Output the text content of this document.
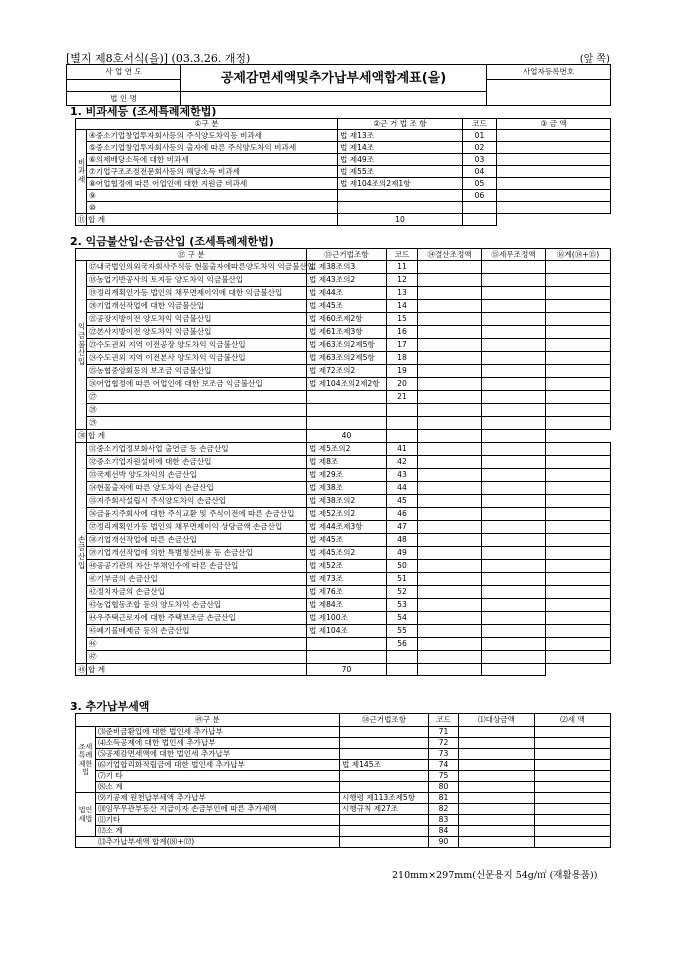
[별지 제8호서식(을)] (03.3.26. 개정)	(앞 쪽)
사 업 연 도	공제감면세액및추가납부세액합계표(을)	사업자등록번호

법 인 명		
1. 비과세등 (조세특례제한법)
①구 분		②근 거 법 조 항	코드	③ 금 액
비과세	④중소기업창업투자회사등의 주식양도차익등 비과세	법 제13조	01	
	⑤중소기업창업투자회사등의 출자에 따른 주식양도차익 비과세	법 제14조	02	
	⑥의제배당소득에 대한 비과세	법 제49조	03	
	⑦기업구조조정전문회사등의 해당소득 비과세	법 제55조	04	
	⑧어업협정에 따른 어업인에 대한 지원금 비과세	법 제104조의2제1항	05	
	⑨		06	
	⑩			
⑪ 합 계		10		
2. 익금불산입·손금산입 (조세특례제한법)
⑫ 구 분		⑬근거법조항	코드	⑭결산조정액	⑮세무조정액	⑯계(⑭+⑮)
익금불산입	⑰내국법인의외국자회사주식등 현물출자에따른양도차익 익금불산입	법 제38조의3	11			
	⑱농업기반공사의 토지등 양도차익 익금불산입	법 제43조의2	12			
	⑲정리계획인가등 법인의 채무면제이익에 대한 익금불산입	법 제44조	13			
	⑳기업개선작업에 대한 익금불산입	법 제45조	14			
	㉑공장지방이전 양도차익 익금불산입	법 제60조제2항	15			
	㉒본사지방이전 양도차익 익금불산입	법 제61조제3항	16			
	㉓수도권외 지역 이전공장 양도차익 익금불산입	법 제63조의2제5항	17			
	㉔수도권외 지역 이전본사 양도차익 익금불산입	법 제63조의2제5항	18			
	㉕농협중앙회등의 보조금 익금불산입	법 제72조의2	19			
	㉖어업협정에 따른 어업인에 대한 보조금 익금불산입	법 제104조의2제2항	20			
	㉗		21			
	㉘					
	㉙					
㉚ 합 계		40				
손금산입	㉛중소기업정보화사업 출연금 등 손금산입	법 제5조의2	41			
	㉜중소기업지원설비에 대한 손금산입	법 제8조	42			
	㉝국제선박 양도차익의 손금산입	법 제29조	43			
	㉞현물출자에 따른 양도차익 손금산입	법 제38조	44			
	㉟지주회사설립시 주식양도차익 손금산입	법 제38조의2	45			
	㊱금융지주회사에 대한 주식교환 및 주식이전에 따른 손금산입	법 제52조의2	46			
	㊲정리계획인가등 법인의 채무면제이익 상당금액 손금산입	법 제44조제3항	47			
	㊳기업개선작업에 따른 손금산입	법 제45조	48			
	㊴기업개선작업에 의한 특별청산비용 등 손금산입	법 제45조의2	49			
	㊵공공기관의 자산·부채인수에 따른 손금산입	법 제52조	50			
	㊶기부금의 손금산입	법 제73조	51			
	㊷정치자금의 손금산입	법 제76조	52			
	㊸농업협동조합 등의 양도차익 손금산입	법 제84조	53			
	㊹우주택근로자에 대한 주택보조금 손금산입	법 제100조	54			
	㊺폐기물배제금 등의 손금산입	법 제104조	55			
	㊻		56			
	㊼					
㊽ 합 계		70				
3. 추가납부세액
㊾구 분		㊿근거법조항	코드	⑴대상금액	⑵세 액
조세특례제한법	⑶준비금환입에 대한 법인세 추가납부		71		
	⑷소득공제에 대한 법인세 추가납부		72		
	⑸공제감면세액에 대한 법인세 추가납부		73		
	⑹기업합리화적립금에 대한 법인세 추가납부	법 제145조	74		
	⑺기 타		75		
	⑻소 계		80		
법인세법	⑼기공제 원천납부세액 추가납부	시행령 제113조제5항	81		
	⑽임무무관부동산 지급이자 손금부인에 따른 추가세액	시행규칙 제27조	82		
	⑾기타		83		
	⑿소 계		84		
⒀추가납부세액 합계(⑻+⑿)			90		
210mm×297mm(신문용지 54g/㎡ (재활용품))
